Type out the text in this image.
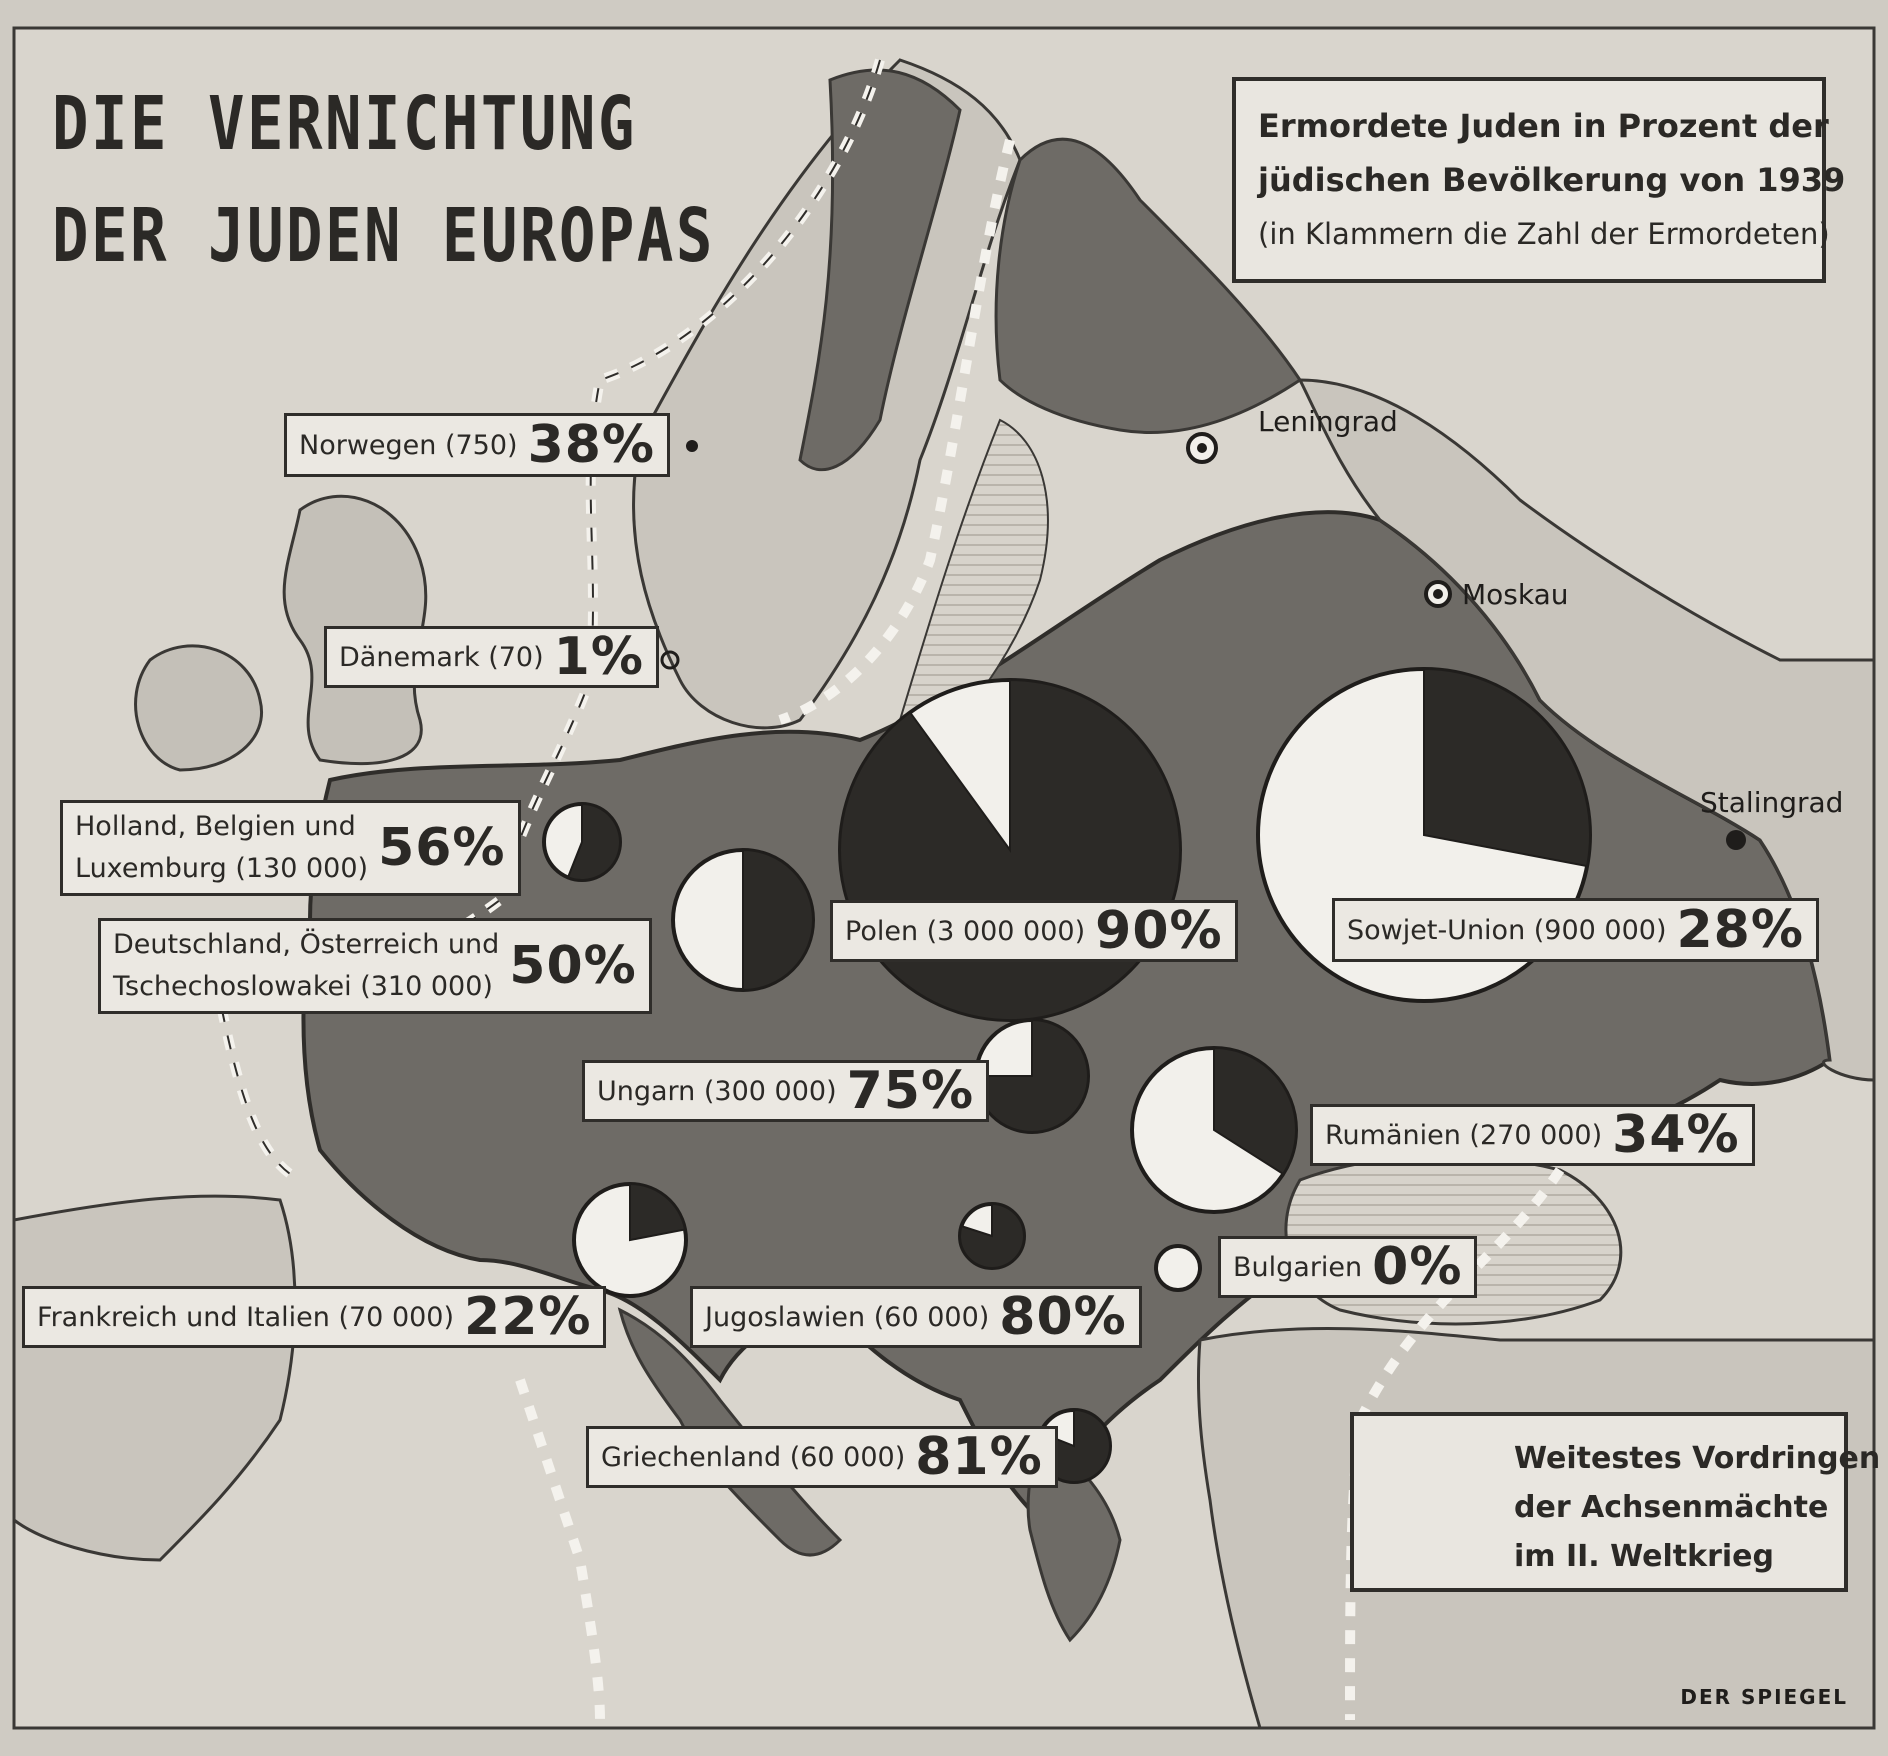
DIE VERNICHTUNG
DER JUDEN EUROPAS
Ermordete Juden in Prozent der
jüdischen Bevölkerung von 1939
(in Klammern die Zahl der Ermordeten)
Weitestes Vordringen
der Achsenmächte
im II. Weltkrieg
Leningrad
Moskau
Stalingrad
Norwegen (750) 38%
Dänemark (70) 1%
Holland, Belgien und
Luxemburg (130 000) 56%
Deutschland, Österreich und
Tschechoslowakei (310 000) 50%
Polen (3 000 000) 90%	Sowjet-Union (900 000) 28%
Ungarn (300 000) 75%
Rumänien (270 000) 34%
Bulgarien 0%
Frankreich und Italien (70 000) 22%	Jugoslawien (60 000) 80%
Griechenland (60 000) 81%
DER SPIEGEL
